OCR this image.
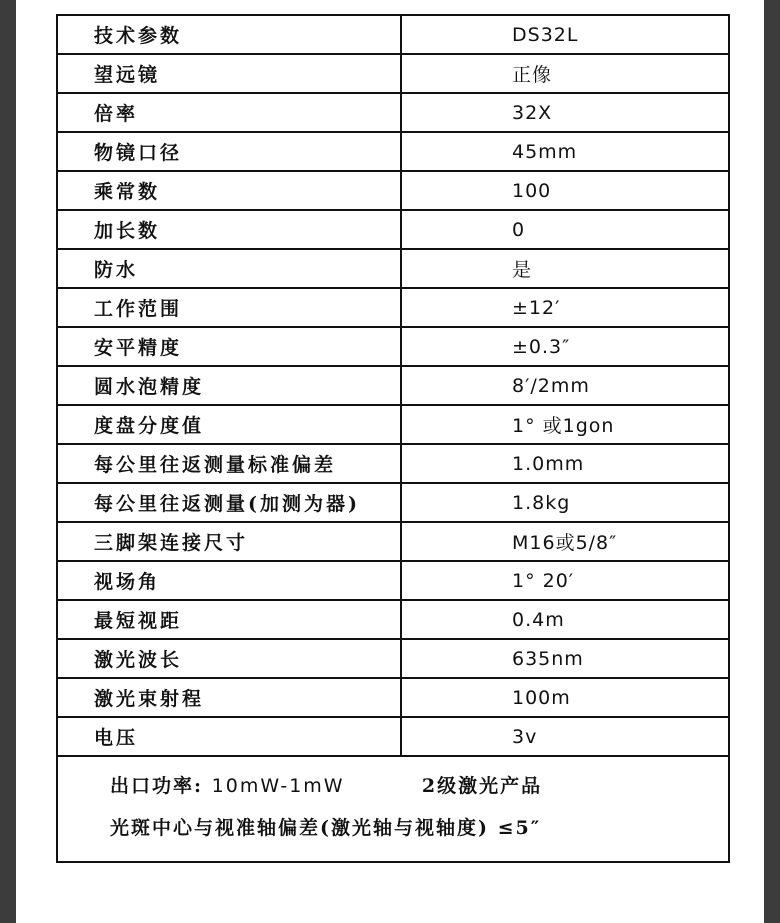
技术参数	DS32L
望远镜	正像
倍率	32X
物镜口径	45mm
乘常数	100
加长数	0
防水	是
工作范围	±12′
安平精度	±0.3″
圆水泡精度	8′/2mm
度盘分度值	1° 或1gon
每公里往返测量标准偏差	1.0mm
每公里往返测量(加测为器)	1.8kg
三脚架连接尺寸	M16或5/8″
视场角	1° 20′
最短视距	0.4m
激光波长	635nm
激光束射程	100m
电压	3v
出口功率: 10mW-1mW	2级激光产品
光斑中心与视准轴偏差(激光轴与视轴度) ≤5″
